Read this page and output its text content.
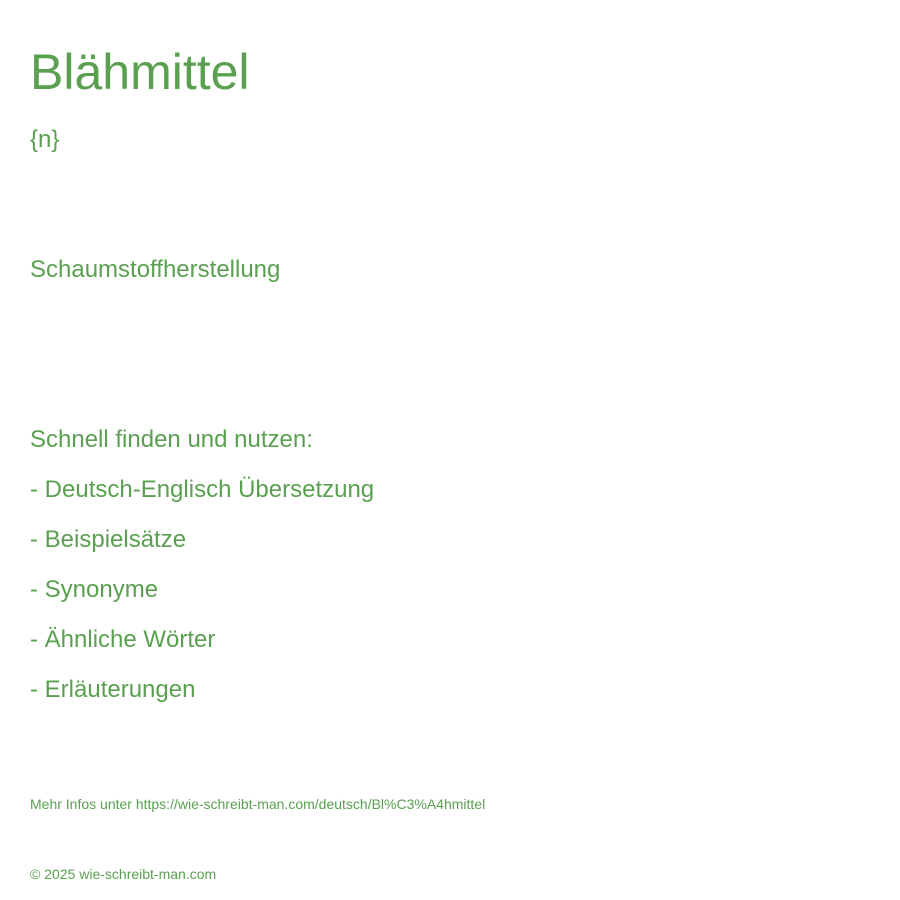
Blähmittel
{n}
Schaumstoffherstellung
Schnell finden und nutzen:
- Deutsch-Englisch Übersetzung
- Beispielsätze
- Synonyme
- Ähnliche Wörter
- Erläuterungen
Mehr Infos unter https://wie-schreibt-man.com/deutsch/Bl%C3%A4hmittel
© 2025 wie-schreibt-man.com
